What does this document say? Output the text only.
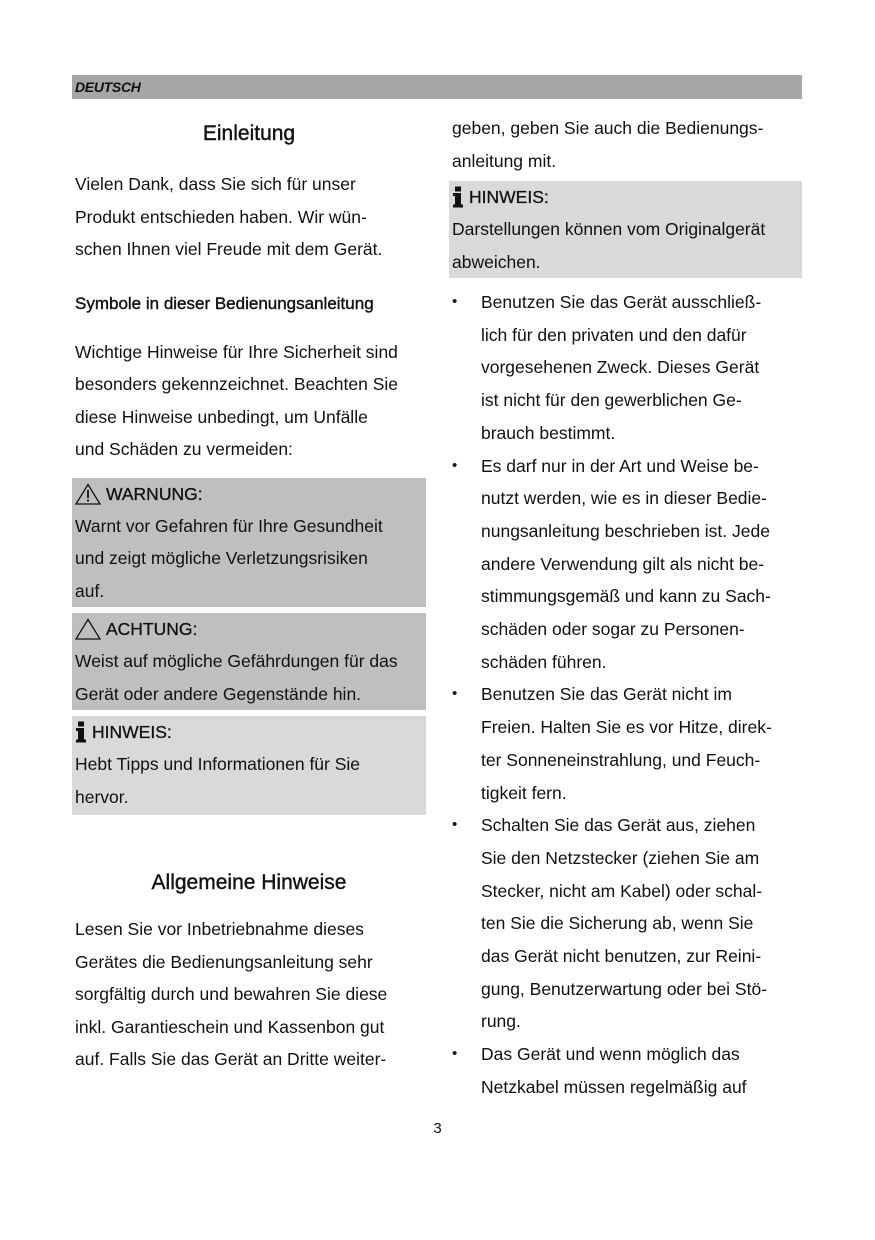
DEUTSCH
Einleitung
Vielen Dank, dass Sie sich für unser
Produkt entschieden haben. Wir wün-
schen Ihnen viel Freude mit dem Gerät.
Symbole in dieser Bedienungsanleitung
Wichtige Hinweise für Ihre Sicherheit sind
besonders gekennzeichnet. Beachten Sie
diese Hinweise unbedingt, um Unfälle
und Schäden zu vermeiden:
WARNUNG:
Warnt vor Gefahren für Ihre Gesundheit
und zeigt mögliche Verletzungsrisiken
auf.
ACHTUNG:
Weist auf mögliche Gefährdungen für das
Gerät oder andere Gegenstände hin.
HINWEIS:
Hebt Tipps und Informationen für Sie
hervor.
Allgemeine Hinweise
Lesen Sie vor Inbetriebnahme dieses
Gerätes die Bedienungsanleitung sehr
sorgfältig durch und bewahren Sie diese
inkl. Garantieschein und Kassenbon gut
auf. Falls Sie das Gerät an Dritte weiter-
geben, geben Sie auch die Bedienungs-
anleitung mit.
HINWEIS:
Darstellungen können vom Originalgerät
abweichen.
• Benutzen Sie das Gerät ausschließ-
lich für den privaten und den dafür
vorgesehenen Zweck. Dieses Gerät
ist nicht für den gewerblichen Ge-
brauch bestimmt.
• Es darf nur in der Art und Weise be-
nutzt werden, wie es in dieser Bedie-
nungsanleitung beschrieben ist. Jede
andere Verwendung gilt als nicht be-
stimmungsgemäß und kann zu Sach-
schäden oder sogar zu Personen-
schäden führen.
• Benutzen Sie das Gerät nicht im
Freien. Halten Sie es vor Hitze, direk-
ter Sonneneinstrahlung, und Feuch-
tigkeit fern.
• Schalten Sie das Gerät aus, ziehen
Sie den Netzstecker (ziehen Sie am
Stecker, nicht am Kabel) oder schal-
ten Sie die Sicherung ab, wenn Sie
das Gerät nicht benutzen, zur Reini-
gung, Benutzerwartung oder bei Stö-
rung.
• Das Gerät und wenn möglich das
Netzkabel müssen regelmäßig auf
3
